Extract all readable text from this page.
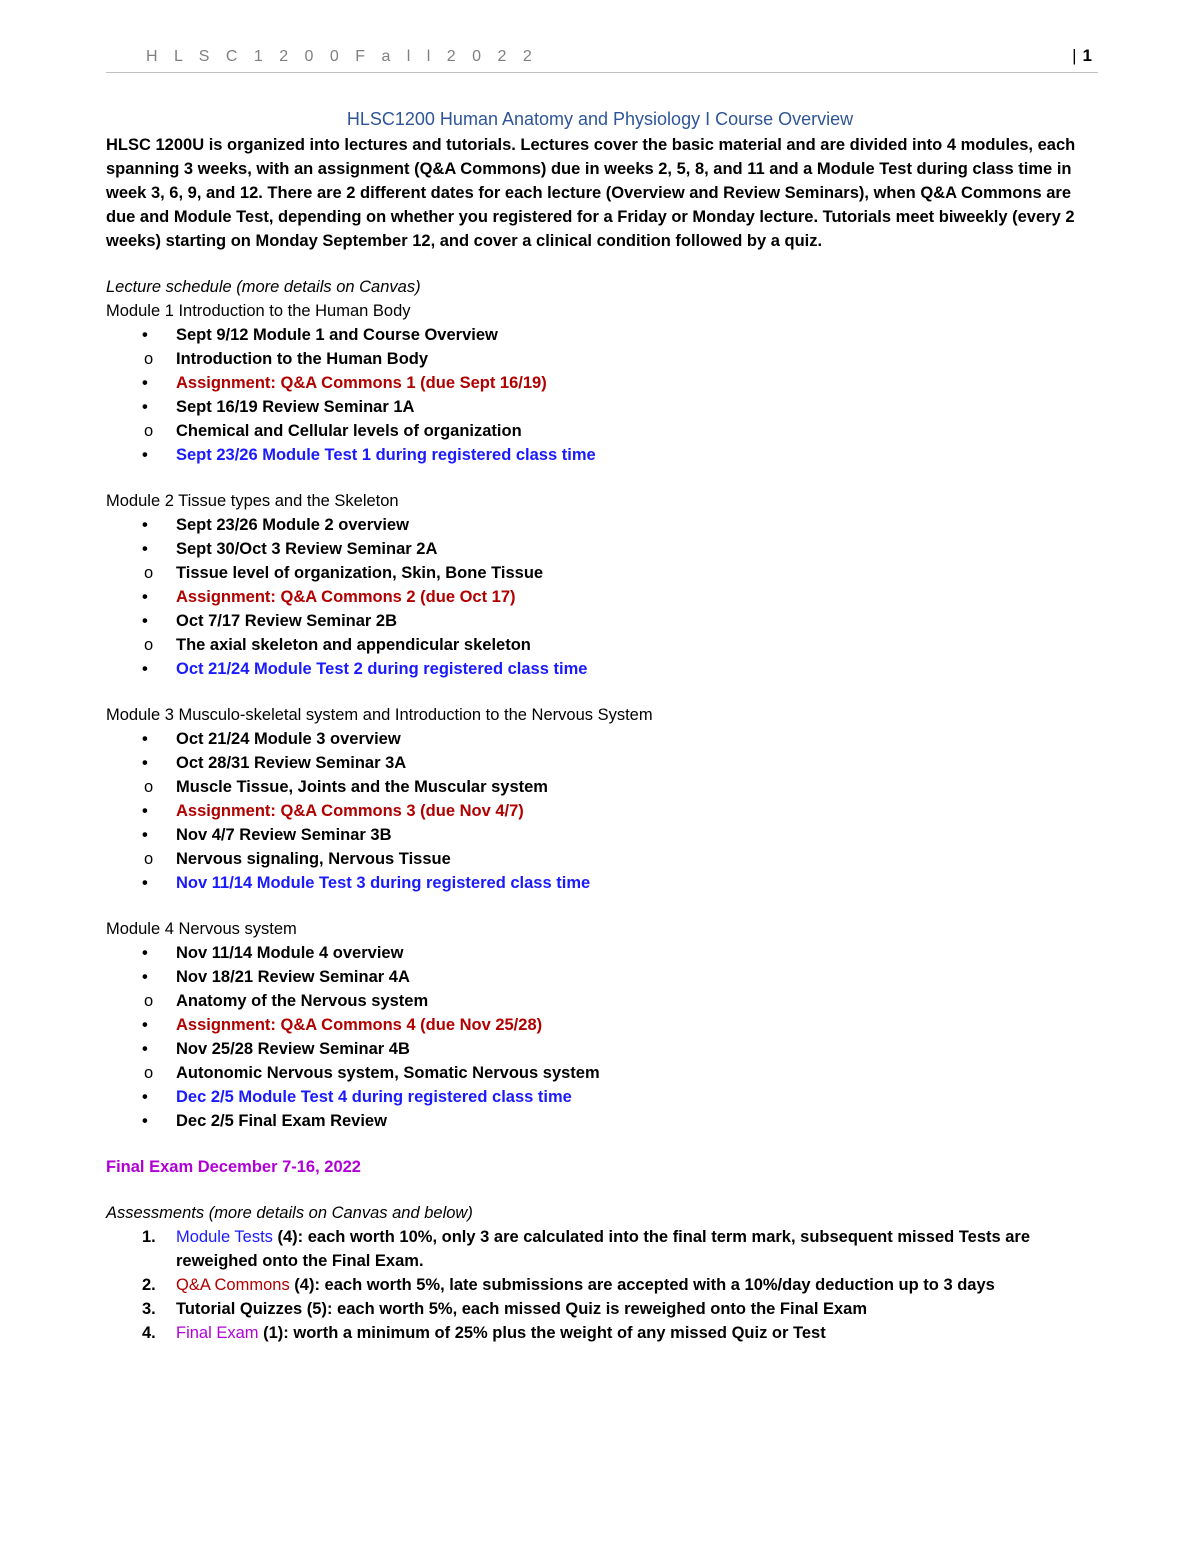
H L S C 1 2 0 0 F a l l 2 0 2 2	| 1
HLSC1200 Human Anatomy and Physiology I Course Overview

HLSC 1200U is organized into lectures and tutorials. Lectures cover the basic material and are divided into 4 modules, each spanning 3 weeks, with an assignment (Q&A Commons) due in weeks 2, 5, 8, and 11 and a Module Test during class time in week 3, 6, 9, and 12. There are 2 different dates for each lecture (Overview and Review Seminars), when Q&A Commons are due and Module Test, depending on whether you registered for a Friday or Monday lecture. Tutorials meet biweekly (every 2 weeks) starting on Monday September 12, and cover a clinical condition followed by a quiz.

Lecture schedule (more details on Canvas)

Module 1 Introduction to the Human Body
• Sept 9/12 Module 1 and Course Overview
o Introduction to the Human Body
• Assignment: Q&A Commons 1 (due Sept 16/19)
• Sept 16/19 Review Seminar 1A
o Chemical and Cellular levels of organization
• Sept 23/26 Module Test 1 during registered class time
Module 2 Tissue types and the Skeleton
• Sept 23/26 Module 2 overview
• Sept 30/Oct 3 Review Seminar 2A
o Tissue level of organization, Skin, Bone Tissue
• Assignment: Q&A Commons 2 (due Oct 17)
• Oct 7/17 Review Seminar 2B
o The axial skeleton and appendicular skeleton
• Oct 21/24 Module Test 2 during registered class time
Module 3 Musculo-skeletal system and Introduction to the Nervous System
• Oct 21/24 Module 3 overview
• Oct 28/31 Review Seminar 3A
o Muscle Tissue, Joints and the Muscular system
• Assignment: Q&A Commons 3 (due Nov 4/7)
• Nov 4/7 Review Seminar 3B
o Nervous signaling, Nervous Tissue
• Nov 11/14 Module Test 3 during registered class time
Module 4 Nervous system
• Nov 11/14 Module 4 overview
• Nov 18/21 Review Seminar 4A
o Anatomy of the Nervous system
• Assignment: Q&A Commons 4 (due Nov 25/28)
• Nov 25/28 Review Seminar 4B
o Autonomic Nervous system, Somatic Nervous system
• Dec 2/5 Module Test 4 during registered class time
• Dec 2/5 Final Exam Review

Final Exam December 7-16, 2022

Assessments (more details on Canvas and below)

1. Module Tests (4): each worth 10%, only 3 are calculated into the final term mark, subsequent missed Tests are reweighed onto the Final Exam.
2. Q&A Commons (4): each worth 5%, late submissions are accepted with a 10%/day deduction up to 3 days
3. Tutorial Quizzes (5): each worth 5%, each missed Quiz is reweighed onto the Final Exam
4. Final Exam (1): worth a minimum of 25% plus the weight of any missed Quiz or Test
